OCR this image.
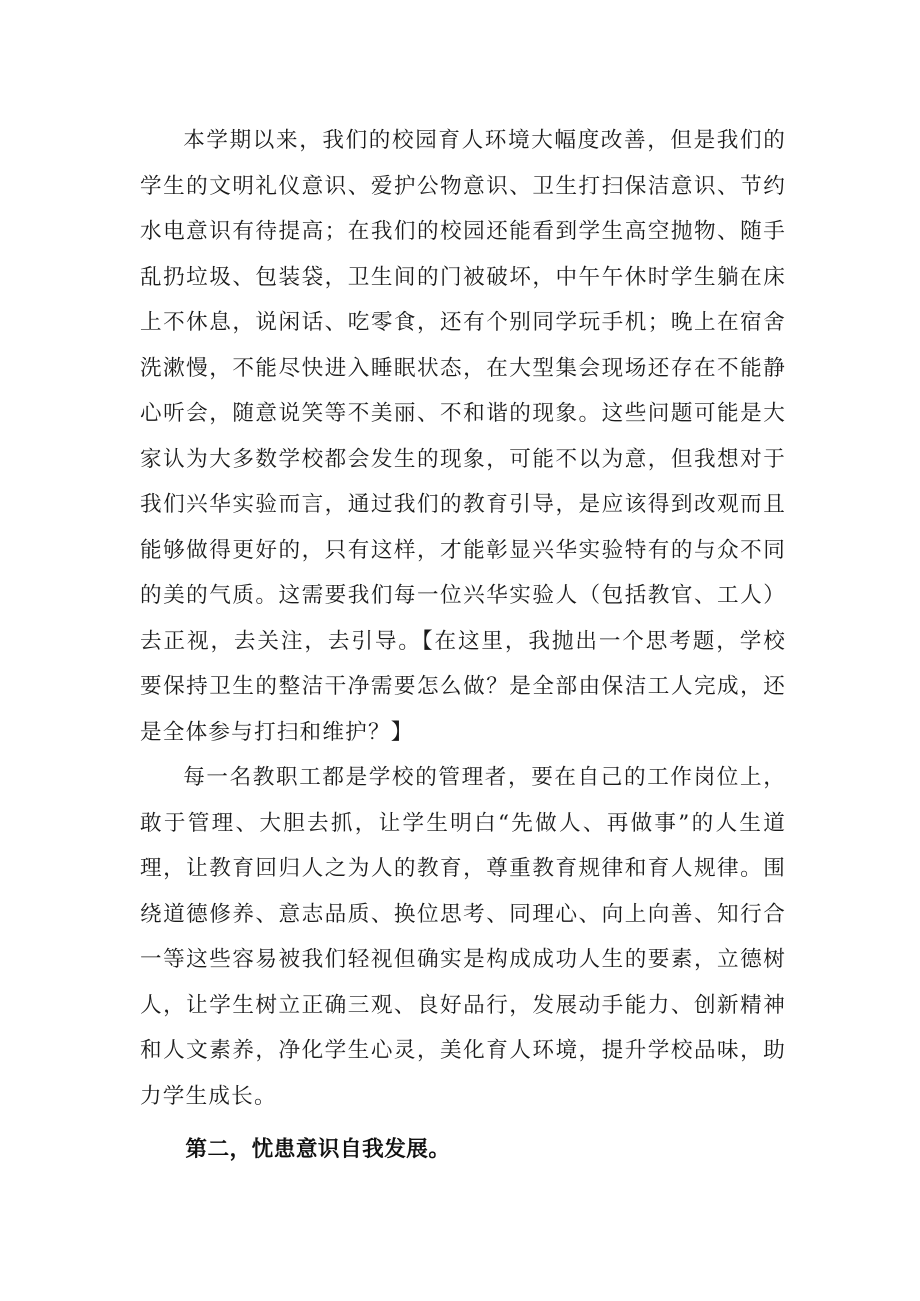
本学期以来，我们的校园育人环境大幅度改善，但是我们的学生的文明礼仪意识、爱护公物意识、卫生打扫保洁意识、节约水电意识有待提高；在我们的校园还能看到学生高空抛物、随手乱扔垃圾、包装袋，卫生间的门被破坏，中午午休时学生躺在床上不休息，说闲话、吃零食，还有个别同学玩手机；晚上在宿舍洗漱慢，不能尽快进入睡眠状态，在大型集会现场还存在不能静心听会，随意说笑等不美丽、不和谐的现象。这些问题可能是大家认为大多数学校都会发生的现象，可能不以为意，但我想对于我们兴华实验而言，通过我们的教育引导，是应该得到改观而且能够做得更好的，只有这样，才能彰显兴华实验特有的与众不同的美的气质。这需要我们每一位兴华实验人（包括教官、工人）去正视，去关注，去引导。【在这里，我抛出一个思考题，学校要保持卫生的整洁干净需要怎么做？是全部由保洁工人完成，还是全体参与打扫和维护？】

每一名教职工都是学校的管理者，要在自己的工作岗位上，敢于管理、大胆去抓，让学生明白“先做人、再做事”的人生道理，让教育回归人之为人的教育，尊重教育规律和育人规律。围绕道德修养、意志品质、换位思考、同理心、向上向善、知行合一等这些容易被我们轻视但确实是构成成功人生的要素，立德树人，让学生树立正确三观、良好品行，发展动手能力、创新精神和人文素养，净化学生心灵，美化育人环境，提升学校品味，助力学生成长。

第二，忧患意识自我发展。
